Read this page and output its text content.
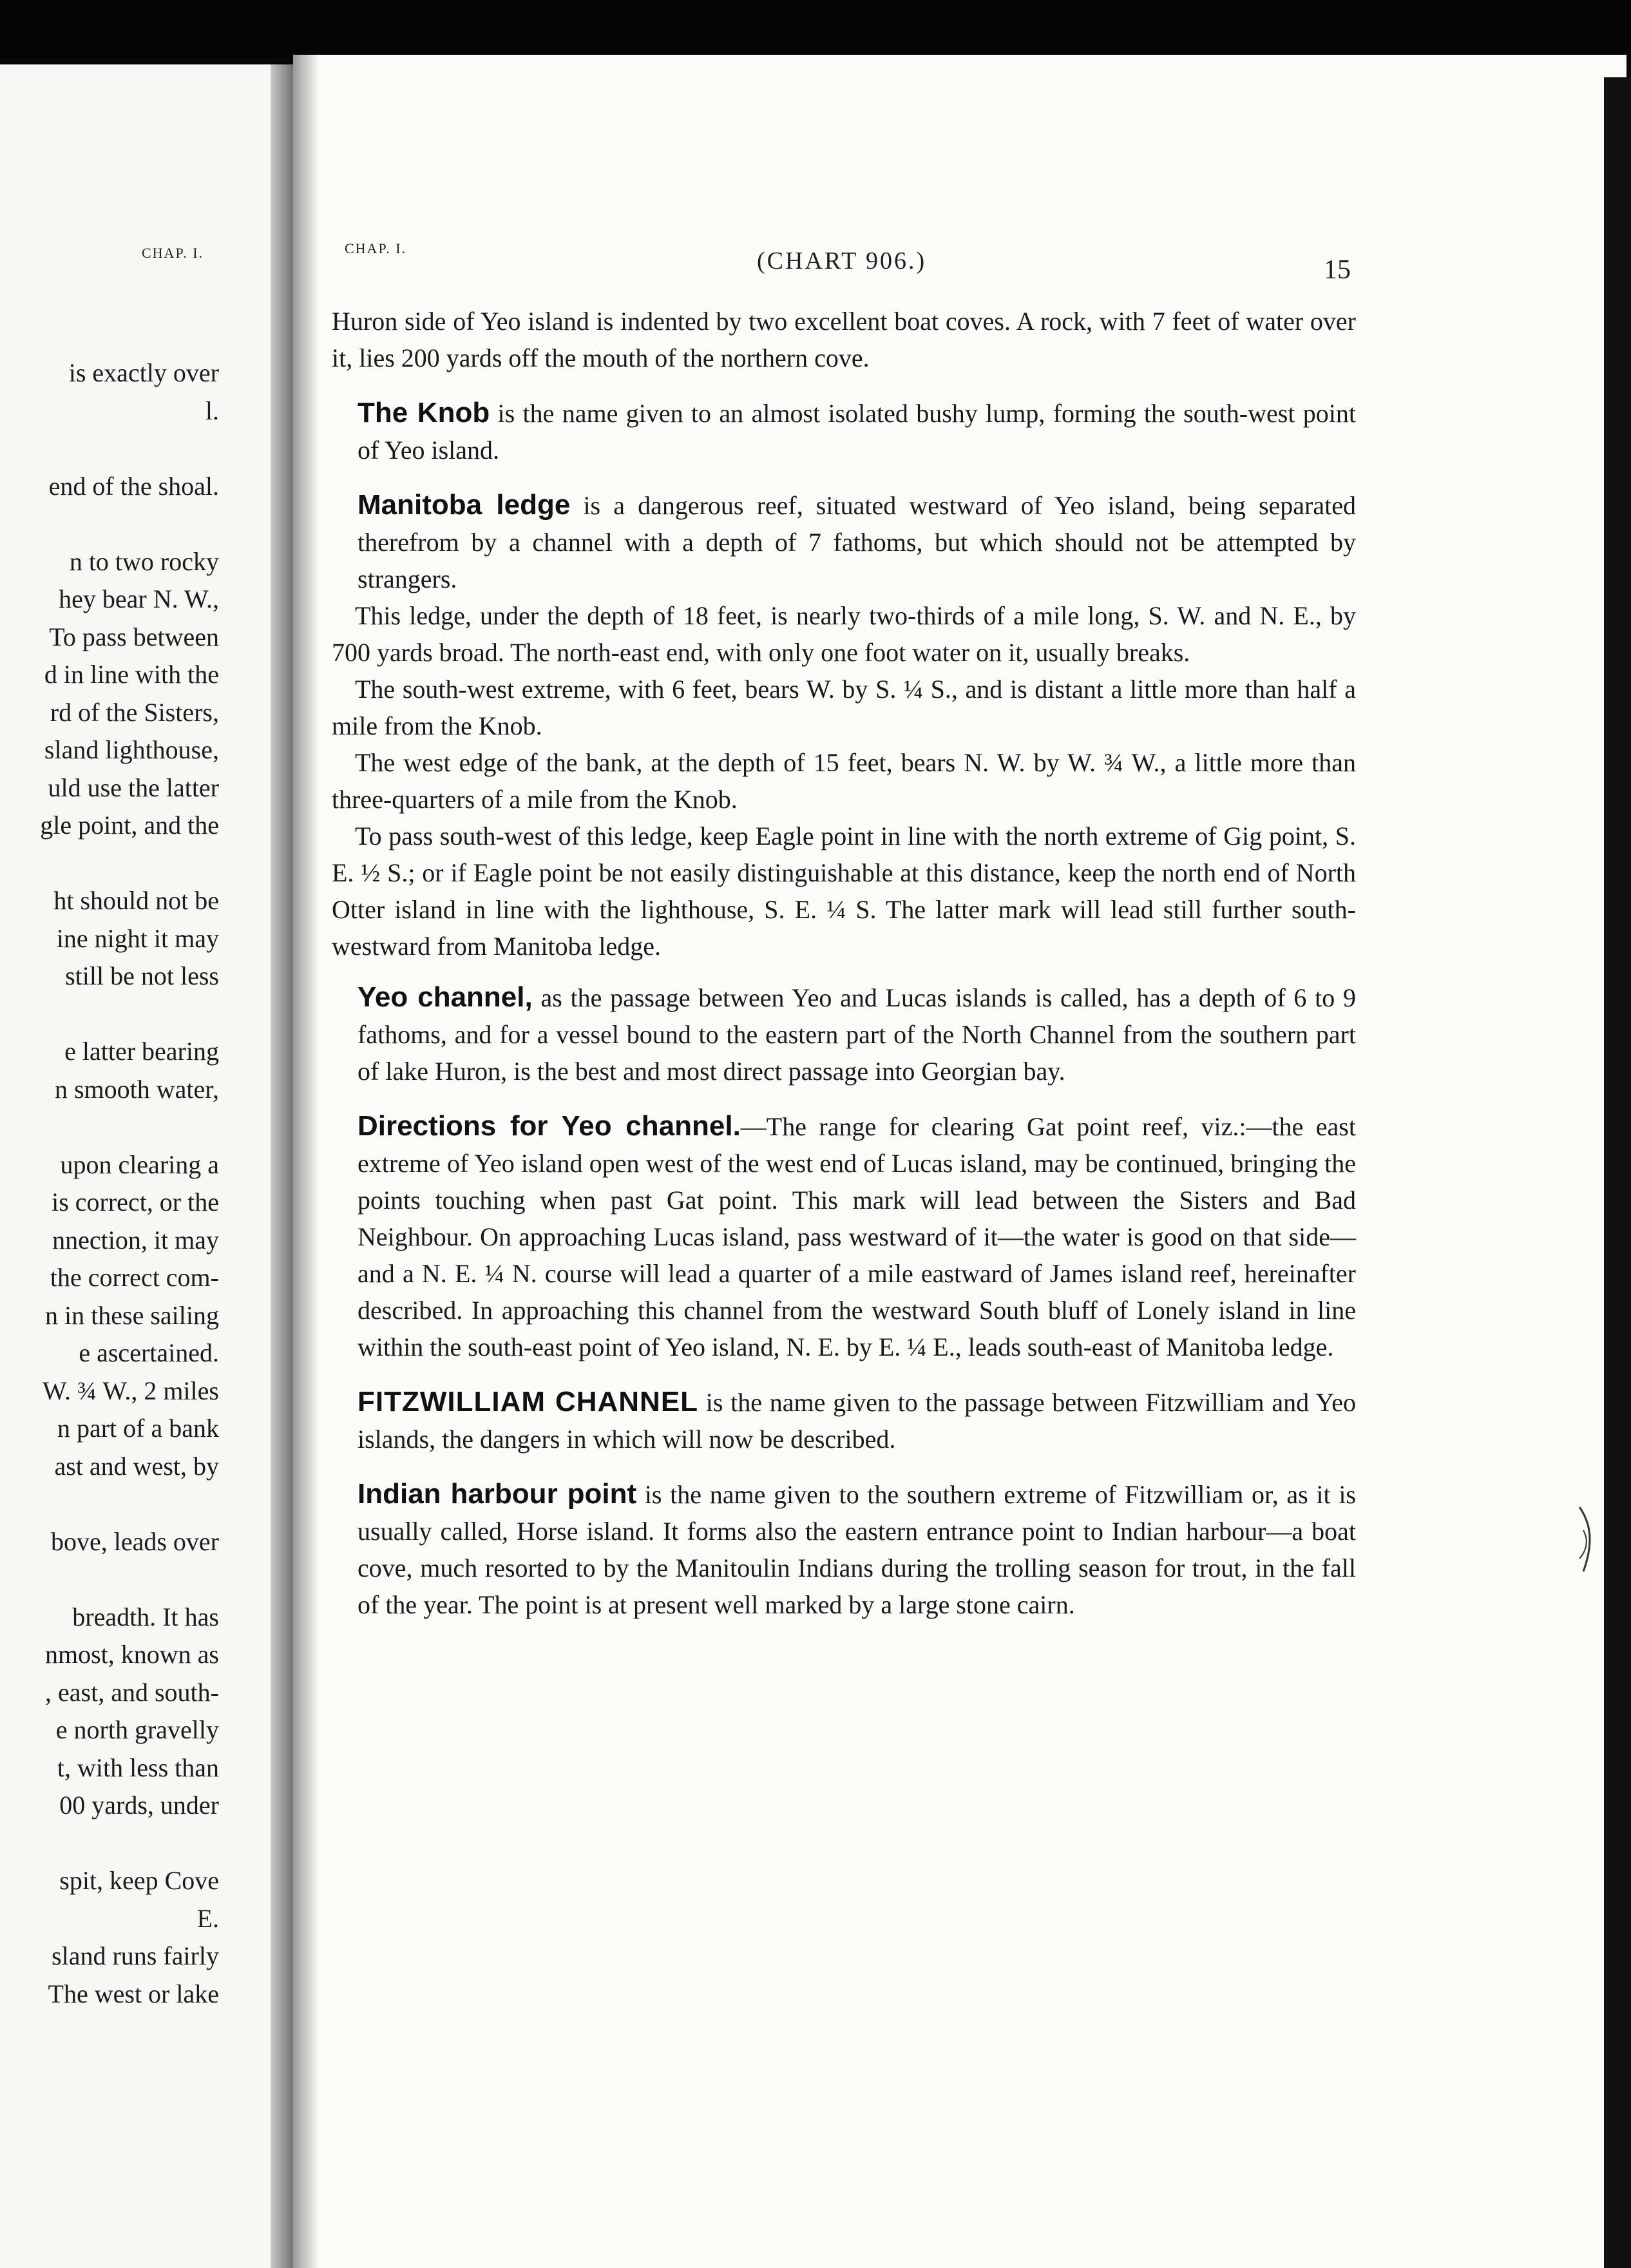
CHAP. I.
is exactly over
l.
end of the shoal.
n to two rocky
hey bear N. W.,
To pass between
d in line with the
rd of the Sisters,
sland lighthouse,
uld use the latter
gle point, and the
ht should not be
ine night it may
still be not less
e latter bearing
n smooth water,
upon clearing a
is correct, or the
nnection, it may
the correct com-
n in these sailing
e ascertained.
W. ¾ W., 2 miles
n part of a bank
ast and west, by
bove, leads over
breadth. It has
nmost, known as
, east, and south-
e north gravelly
t, with less than
00 yards, under
spit, keep Cove
E.
sland runs fairly
The west or lake
CHAP. I.	(CHART 906.)	15

Huron side of Yeo island is indented by two excellent boat coves. A rock, with 7 feet of water over it, lies 200 yards off the mouth of the northern cove.

The Knob is the name given to an almost isolated bushy lump, forming the south-west point of Yeo island.

Manitoba ledge is a dangerous reef, situated westward of Yeo island, being separated therefrom by a channel with a depth of 7 fathoms, but which should not be attempted by strangers.

This ledge, under the depth of 18 feet, is nearly two-thirds of a mile long, S. W. and N. E., by 700 yards broad. The north-east end, with only one foot water on it, usually breaks.

The south-west extreme, with 6 feet, bears W. by S. ¼ S., and is distant a little more than half a mile from the Knob.

The west edge of the bank, at the depth of 15 feet, bears N. W. by W. ¾ W., a little more than three-quarters of a mile from the Knob.

To pass south-west of this ledge, keep Eagle point in line with the north extreme of Gig point, S. E. ½ S.; or if Eagle point be not easily distinguishable at this distance, keep the north end of North Otter island in line with the lighthouse, S. E. ¼ S. The latter mark will lead still further south-westward from Manitoba ledge.

Yeo channel, as the passage between Yeo and Lucas islands is called, has a depth of 6 to 9 fathoms, and for a vessel bound to the eastern part of the North Channel from the southern part of lake Huron, is the best and most direct passage into Georgian bay.

Directions for Yeo channel.—The range for clearing Gat point reef, viz.:—the east extreme of Yeo island open west of the west end of Lucas island, may be continued, bringing the points touching when past Gat point. This mark will lead between the Sisters and Bad Neighbour. On approaching Lucas island, pass westward of it—the water is good on that side—and a N. E. ¼ N. course will lead a quarter of a mile eastward of James island reef, hereinafter described. In approaching this channel from the westward South bluff of Lonely island in line within the south-east point of Yeo island, N. E. by E. ¼ E., leads south-east of Manitoba ledge.

FITZWILLIAM CHANNEL is the name given to the passage between Fitzwilliam and Yeo islands, the dangers in which will now be described.

Indian harbour point is the name given to the southern extreme of Fitzwilliam or, as it is usually called, Horse island. It forms also the eastern entrance point to Indian harbour—a boat cove, much resorted to by the Manitoulin Indians during the trolling season for trout, in the fall of the year. The point is at present well marked by a large stone cairn.
